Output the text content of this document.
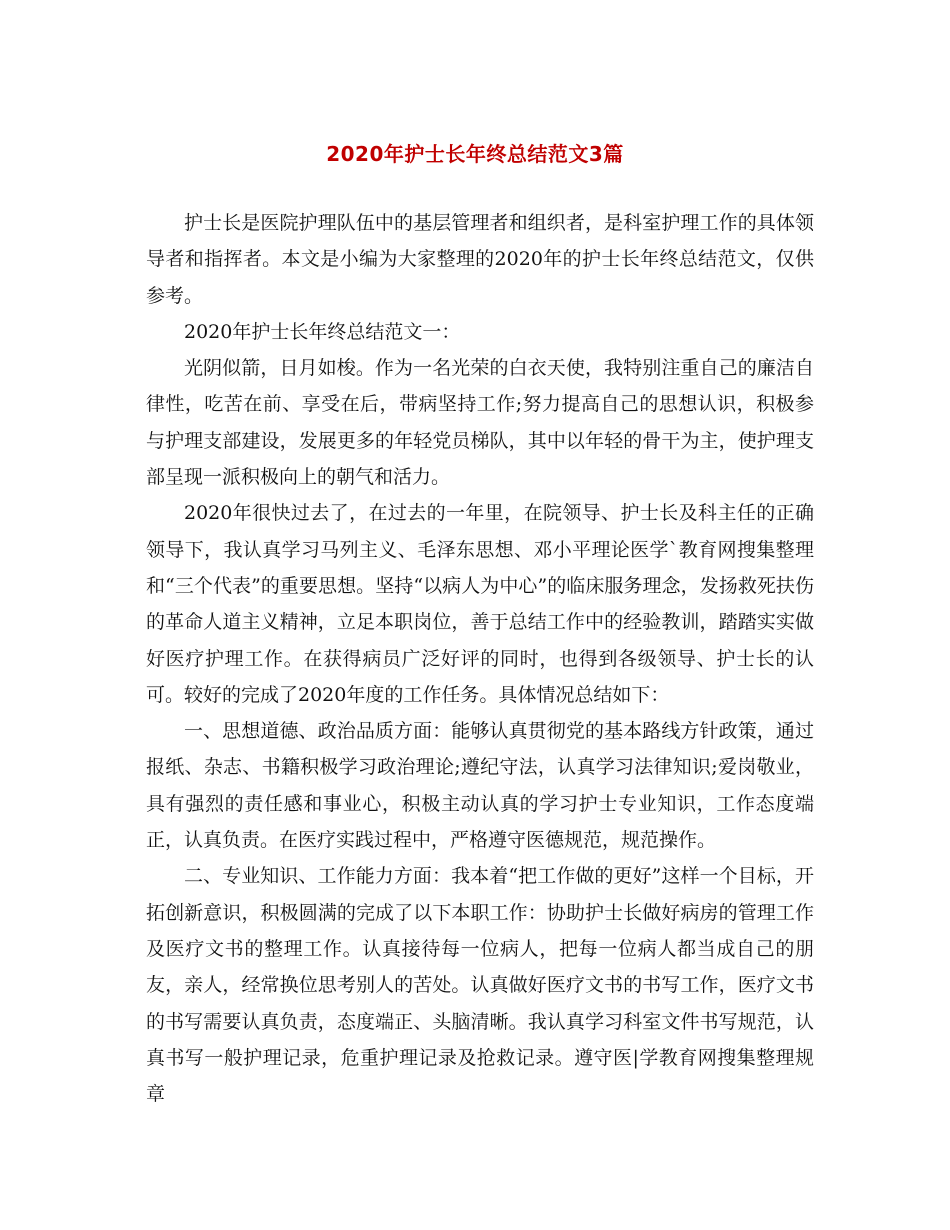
2020年护士长年终总结范文3篇

护士长是医院护理队伍中的基层管理者和组织者，是科室护理工作的具体领导者和指挥者。本文是小编为大家整理的2020年的护士长年终总结范文，仅供参考。

2020年护士长年终总结范文一：

光阴似箭，日月如梭。作为一名光荣的白衣天使，我特别注重自己的廉洁自律性，吃苦在前、享受在后，带病坚持工作;努力提高自己的思想认识，积极参与护理支部建设，发展更多的年轻党员梯队，其中以年轻的骨干为主，使护理支部呈现一派积极向上的朝气和活力。

2020年很快过去了，在过去的一年里，在院领导、护士长及科主任的正确领导下，我认真学习马列主义、毛泽东思想、邓小平理论医学`教育网搜集整理和“三个代表”的重要思想。坚持“以病人为中心”的临床服务理念，发扬救死扶伤的革命人道主义精神，立足本职岗位，善于总结工作中的经验教训，踏踏实实做好医疗护理工作。在获得病员广泛好评的同时，也得到各级领导、护士长的认可。较好的完成了2020年度的工作任务。具体情况总结如下：

一、思想道德、政治品质方面：能够认真贯彻党的基本路线方针政策，通过报纸、杂志、书籍积极学习政治理论;遵纪守法，认真学习法律知识;爱岗敬业，具有强烈的责任感和事业心，积极主动认真的学习护士专业知识，工作态度端正，认真负责。在医疗实践过程中，严格遵守医德规范，规范操作。

二、专业知识、工作能力方面：我本着“把工作做的更好”这样一个目标，开拓创新意识，积极圆满的完成了以下本职工作：协助护士长做好病房的管理工作及医疗文书的整理工作。认真接待每一位病人，把每一位病人都当成自己的朋友，亲人，经常换位思考别人的苦处。认真做好医疗文书的书写工作，医疗文书的书写需要认真负责，态度端正、头脑清晰。我认真学习科室文件书写规范，认真书写一般护理记录，危重护理记录及抢救记录。遵守医|学教育网搜集整理规章
